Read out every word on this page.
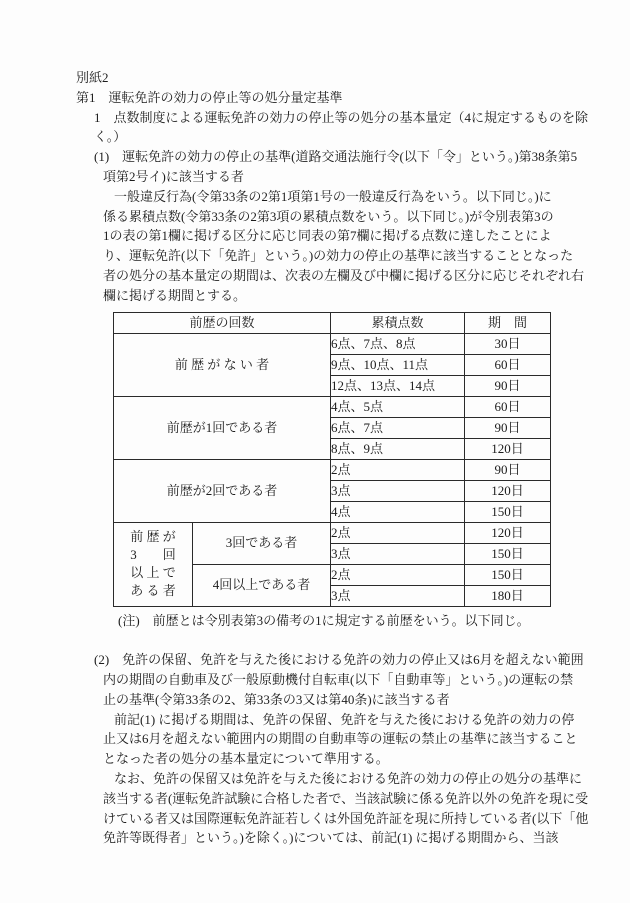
別紙2
第1　運転免許の効力の停止等の処分量定基準
1　点数制度による運転免許の効力の停止等の処分の基本量定（4に規定するものを除
く。）
(1)　運転免許の効力の停止の基準(道路交通法施行令(以下「令」という。)第38条第5
項第2号イ)に該当する者
一般違反行為(令第33条の2第1項第1号の一般違反行為をいう。以下同じ。)に
係る累積点数(令第33条の2第3項の累積点数をいう。以下同じ。)が令別表第3の
1の表の第1欄に掲げる区分に応じ同表の第7欄に掲げる点数に達したことによ
り、運転免許(以下「免許」という。)の効力の停止の基準に該当することとなった
者の処分の基本量定の期間は、次表の左欄及び中欄に掲げる区分に応じそれぞれ右
欄に掲げる期間とする。
前歴の回数		累積点数	期　間
前 歴 が な い 者		6点、7点、8点	30日
		9点、10点、11点	60日
		12点、13点、14点	90日
前歴が1回である者		4点、5点	60日
		6点、7点	90日
		8点、9点	120日
前歴が2回である者		2点	90日
		3点	120日
		4点	150日

前 歴 が
3　　回
以 上 で
あ る 者	3回である者	2点	120日
		3点	150日
	4回以上である者	2点	150日
		3点	180日
(注)　前歴とは令別表第3の備考の1に規定する前歴をいう。以下同じ。
(2)　免許の保留、免許を与えた後における免許の効力の停止又は6月を超えない範囲
内の期間の自動車及び一般原動機付自転車(以下「自動車等」という。)の運転の禁
止の基準(令第33条の2、第33条の3又は第40条)に該当する者
前記(1) に掲げる期間は、免許の保留、免許を与えた後における免許の効力の停
止又は6月を超えない範囲内の期間の自動車等の運転の禁止の基準に該当すること
となった者の処分の基本量定について準用する。
なお、免許の保留又は免許を与えた後における免許の効力の停止の処分の基準に
該当する者(運転免許試験に合格した者で、当該試験に係る免許以外の免許を現に受
けている者又は国際運転免許証若しくは外国免許証を現に所持している者(以下「他
免許等既得者」という。)を除く。)については、前記(1) に掲げる期間から、当該
